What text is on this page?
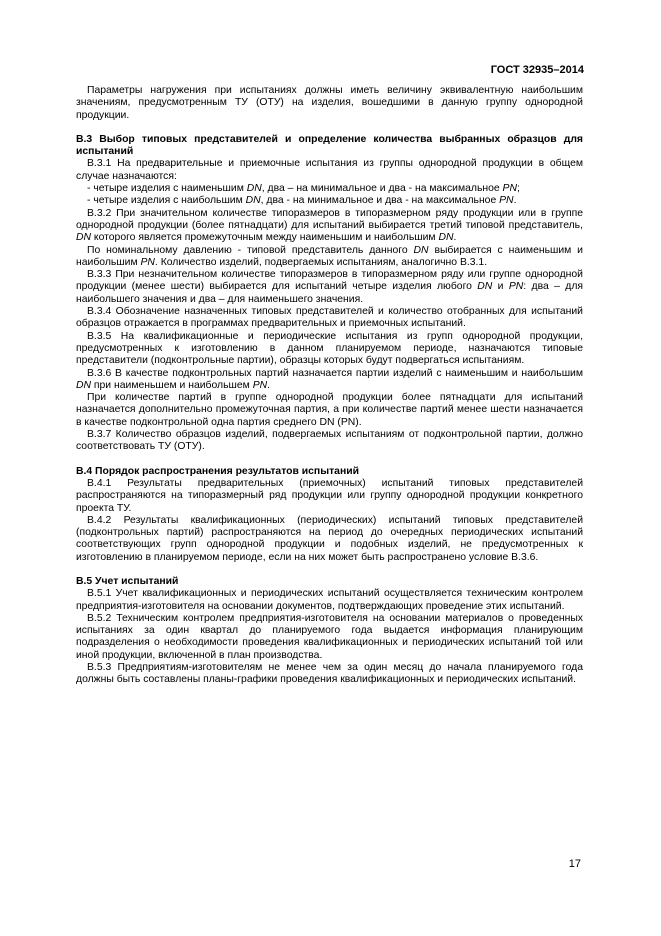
ГОСТ 32935–2014

Параметры нагружения при испытаниях должны иметь величину эквивалентную наибольшим значениям, предусмотренным ТУ (ОТУ) на изделия, вошедшими в данную группу однородной продукции.

В.3 Выбор типовых представителей и определение количества выбранных образцов для испытаний

В.3.1 На предварительные и приемочные испытания из группы однородной продукции в общем случае назначаются:

- четыре изделия с наименьшим DN, два – на минимальное и два - на максимальное PN;

- четыре изделия с наибольшим DN, два - на минимальное и два - на максимальное PN.

В.3.2 При значительном количестве типоразмеров в типоразмерном ряду продукции или в группе однородной продукции (более пятнадцати) для испытаний выбирается третий типовой представитель, DN которого является промежуточным между наименьшим и наибольшим DN.

По номинальному давлению - типовой представитель данного DN выбирается с наименьшим и наибольшим PN. Количество изделий, подвергаемых испытаниям, аналогично В.3.1.

В.3.3 При незначительном количестве типоразмеров в типоразмерном ряду или группе однородной продукции (менее шести) выбирается для испытаний четыре изделия любого DN и PN: два – для наибольшего значения и два – для наименьшего значения.

В.3.4 Обозначение назначенных типовых представителей и количество отобранных для испытаний образцов отражается в программах предварительных и приемочных испытаний.

В.3.5 На квалификационные и периодические испытания из групп однородной продукции, предусмотренных к изготовлению в данном планируемом периоде, назначаются типовые представители (подконтрольные партии), образцы которых будут подвергаться испытаниям.

В.3.6 В качестве подконтрольных партий назначается партии изделий с наименьшим и наибольшим DN при наименьшем и наибольшем PN.

При количестве партий в группе однородной продукции более пятнадцати для испытаний назначается дополнительно промежуточная партия, а при количестве партий менее шести назначается в качестве подконтрольной одна партия среднего DN (PN).

В.3.7 Количество образцов изделий, подвергаемых испытаниям от подконтрольной партии, должно соответствовать ТУ (ОТУ).

В.4 Порядок распространения результатов испытаний

В.4.1 Результаты предварительных (приемочных) испытаний типовых представителей распространяются на типоразмерный ряд продукции или группу однородной продукции конкретного проекта ТУ.

В.4.2 Результаты квалификационных (периодических) испытаний типовых представителей (подконтрольных партий) распространяются на период до очередных периодических испытаний соответствующих групп однородной продукции и подобных изделий, не предусмотренных к изготовлению в планируемом периоде, если на них может быть распространено условие В.3.6.

В.5 Учет испытаний

В.5.1 Учет квалификационных и периодических испытаний осуществляется техническим контролем предприятия-изготовителя на основании документов, подтверждающих проведение этих испытаний.

В.5.2 Техническим контролем предприятия-изготовителя на основании материалов о проведенных испытаниях за один квартал до планируемого года выдается информация планирующим подразделения о необходимости проведения квалификационных и периодических испытаний той или иной продукции, включенной в план производства.

В.5.3 Предприятиям-изготовителям не менее чем за один месяц до начала планируемого года должны быть составлены планы-графики проведения квалификационных и периодических испытаний.

17
